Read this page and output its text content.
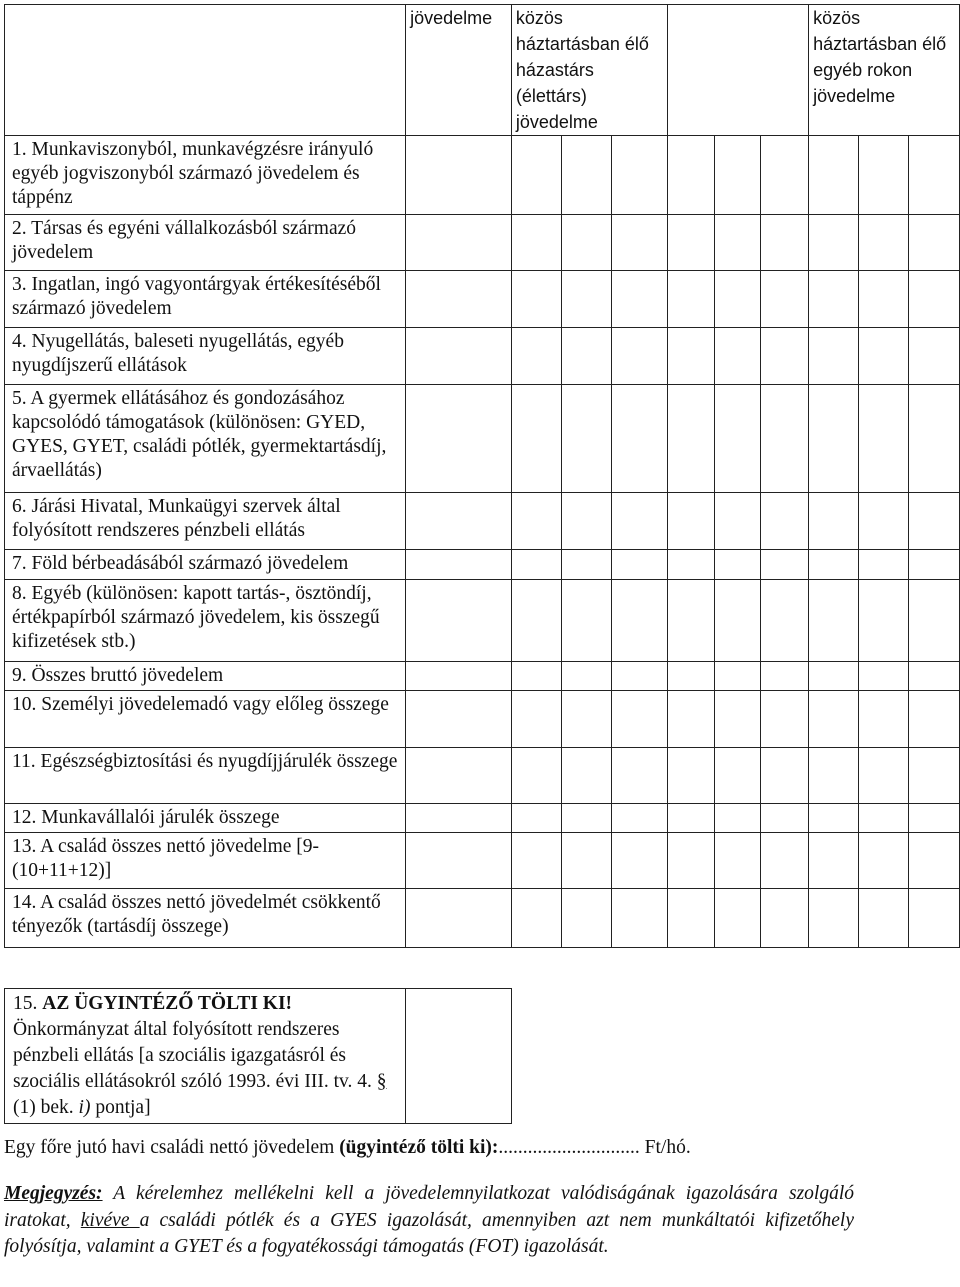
	jövedelme	közös háztartásban élő házastárs (élettárs) jövedelme						közös háztartásban élő egyéb rokon jövedelme		
1. Munkaviszonyból, munkavégzésre irányuló egyéb jogviszonyból származó jövedelem és táppénz										
2. Társas és egyéni vállalkozásból származó jövedelem										
3. Ingatlan, ingó vagyontárgyak értékesítéséből származó jövedelem										
4. Nyugellátás, baleseti nyugellátás, egyéb nyugdíjszerű ellátások										
5. A gyermek ellátásához és gondozásához kapcsolódó támogatások (különösen: GYED, GYES, GYET, családi pótlék, gyermektartásdíj, árvaellátás)										
6. Járási Hivatal, Munkaügyi szervek által folyósított rendszeres pénzbeli ellátás										
7. Föld bérbeadásából származó jövedelem										
8. Egyéb (különösen: kapott tartás-, ösztöndíj, értékpapírból származó jövedelem, kis összegű kifizetések stb.)										
9. Összes bruttó jövedelem										
10. Személyi jövedelemadó vagy előleg összege										
11. Egészségbiztosítási és nyugdíjjárulék összege										
12. Munkavállalói járulék összege										
13. A család összes nettó jövedelme [9-(10+11+12)]										
14. A család összes nettó jövedelmét csökkentő tényezők (tartásdíj összege)										

15. AZ ÜGYINTÉZŐ TÖLTI KI!
Önkormányzat által folyósított rendszeres pénzbeli ellátás [a szociális igazgatásról és szociális ellátásokról szóló 1993. évi III. tv. 4. § (1) bek. i) pontja]										
Egy főre jutó havi családi nettó jövedelem (ügyintéző tölti ki):............................. Ft/hó.
Megjegyzés: A kérelemhez mellékelni kell a jövedelemnyilatkozat valódiságának igazolására szolgáló iratokat, kivéve a családi pótlék és a GYES igazolását, amennyiben azt nem munkáltatói kifizetőhely folyósítja, valamint a GYET és a fogyatékossági támogatás (FOT) igazolását.
